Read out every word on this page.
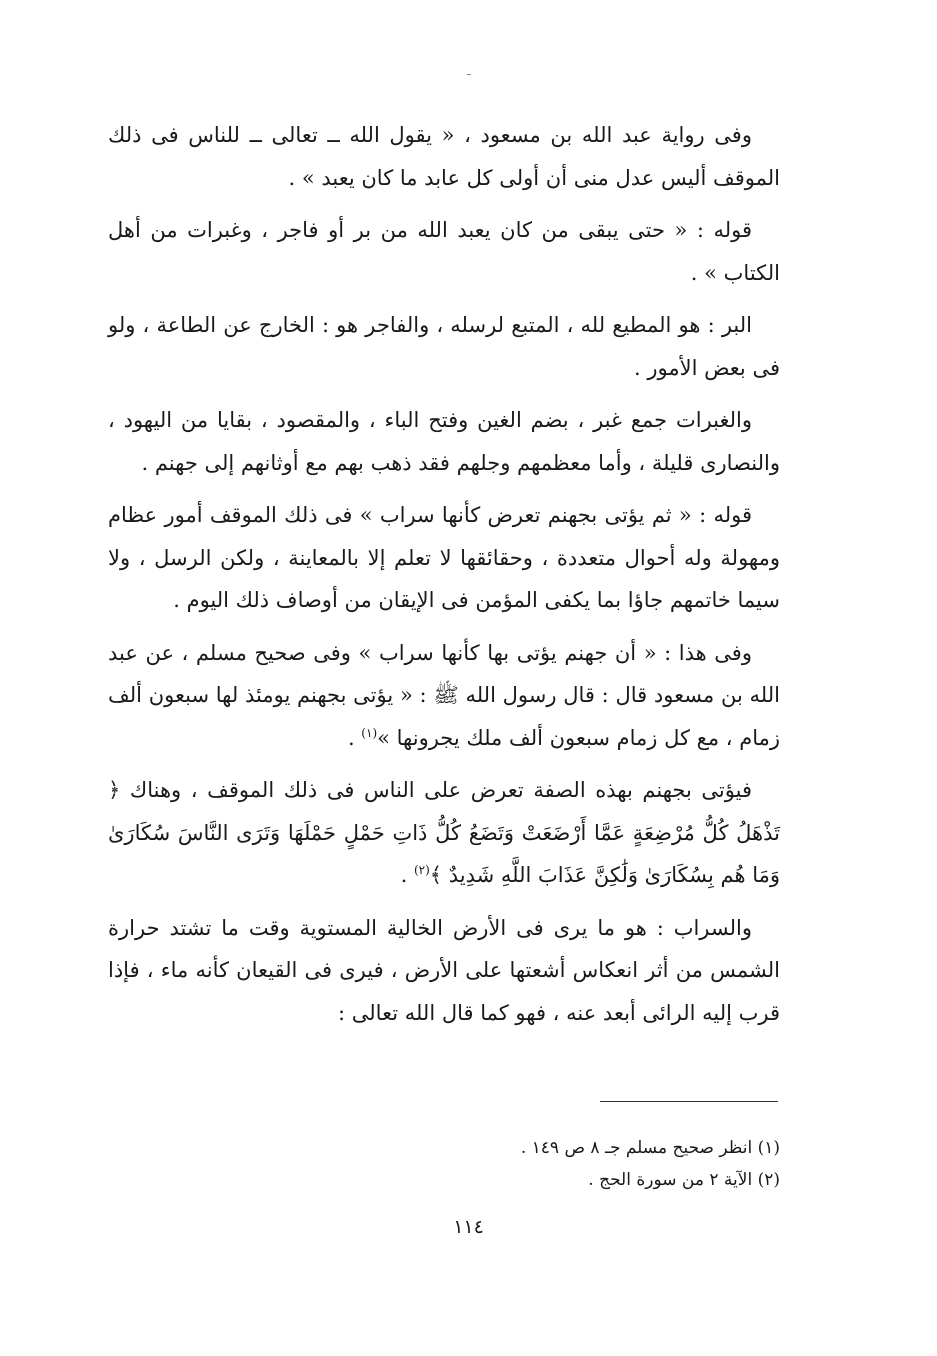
وفى رواية عبد الله بن مسعود ، « يقول الله ــ تعالى ــ للناس فى ذلك الموقف أليس عدل منى أن أولى كل عابد ما كان يعبد » .

قوله : « حتى يبقى من كان يعبد الله من بر أو فاجر ، وغبرات من أهل الكتاب » .

البر : هو المطيع لله ، المتبع لرسله ، والفاجر هو : الخارج عن الطاعة ، ولو فى بعض الأمور .

والغبرات جمع غبر ، بضم الغين وفتح الباء ، والمقصود ، بقايا من اليهود ، والنصارى قليلة ، وأما معظمهم وجلهم فقد ذهب بهم مع أوثانهم إلى جهنم .

قوله : « ثم يؤتى بجهنم تعرض كأنها سراب » فى ذلك الموقف أمور عظام ومهولة وله أحوال متعددة ، وحقائقها لا تعلم إلا بالمعاينة ، ولكن الرسل ، ولا سيما خاتمهم جاؤا بما يكفى المؤمن فى الإيقان من أوصاف ذلك اليوم .

وفى هذا : « أن جهنم يؤتى بها كأنها سراب » وفى صحيح مسلم ، عن عبد الله بن مسعود قال : قال رسول الله ﷺ : « يؤتى بجهنم يومئذ لها سبعون ألف زمام ، مع كل زمام سبعون ألف ملك يجرونها »$^{(١)}$ .

فيؤتى بجهنم بهذه الصفة تعرض على الناس فى ذلك الموقف ، وهناك ﴿ تَذْهَلُ كُلُّ مُرْضِعَةٍ عَمَّا أَرْضَعَتْ وَتَضَعُ كُلُّ ذَاتِ حَمْلٍ حَمْلَهَا وَتَرَى النَّاسَ سُكَارَىٰ وَمَا هُم بِسُكَارَىٰ وَلَٰكِنَّ عَذَابَ اللَّهِ شَدِيدٌ ﴾$^{(٢)}$ .

والسراب : هو ما يرى فى الأرض الخالية المستوية وقت ما تشتد حرارة الشمس من أثر انعكاس أشعتها على الأرض ، فيرى فى القيعان كأنه ماء ، فإذا قرب إليه الرائى أبعد عنه ، فهو كما قال الله تعالى :

(١) انظر صحيح مسلم جـ ٨ ص ١٤٩ .

(٢) الآية ٢ من سورة الحج .

١١٤
